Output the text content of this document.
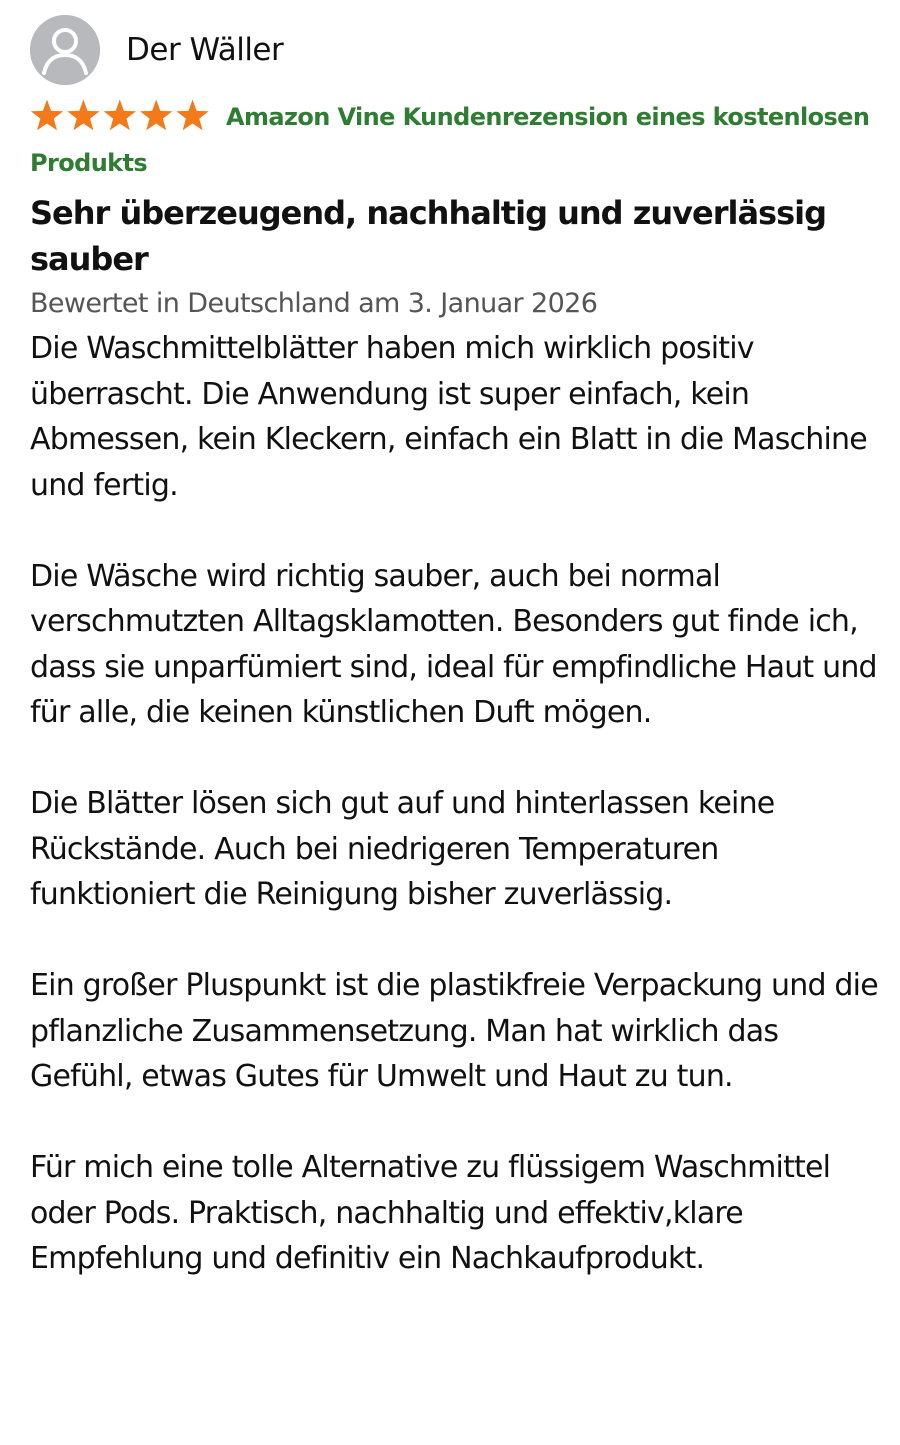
Der Wäller
Amazon Vine Kundenrezension eines kostenlosen Produkts
Sehr überzeugend, nachhaltig und zuverlässig sauber
Bewertet in Deutschland am 3. Januar 2026

Die Waschmittelblätter haben mich wirklich positiv überrascht. Die Anwendung ist super einfach, kein Abmessen, kein Kleckern, einfach ein Blatt in die Maschine und fertig.

Die Wäsche wird richtig sauber, auch bei normal verschmutzten Alltagsklamotten. Besonders gut finde ich, dass sie unparfümiert sind, ideal für empfindliche Haut und für alle, die keinen künstlichen Duft mögen.

Die Blätter lösen sich gut auf und hinterlassen keine Rückstände. Auch bei niedrigeren Temperaturen funktioniert die Reinigung bisher zuverlässig.

Ein großer Pluspunkt ist die plastikfreie Verpackung und die pflanzliche Zusammensetzung. Man hat wirklich das Gefühl, etwas Gutes für Umwelt und Haut zu tun.

Für mich eine tolle Alternative zu flüssigem Waschmittel oder Pods. Praktisch, nachhaltig und effektiv,klare Empfehlung und definitiv ein Nachkaufprodukt.
